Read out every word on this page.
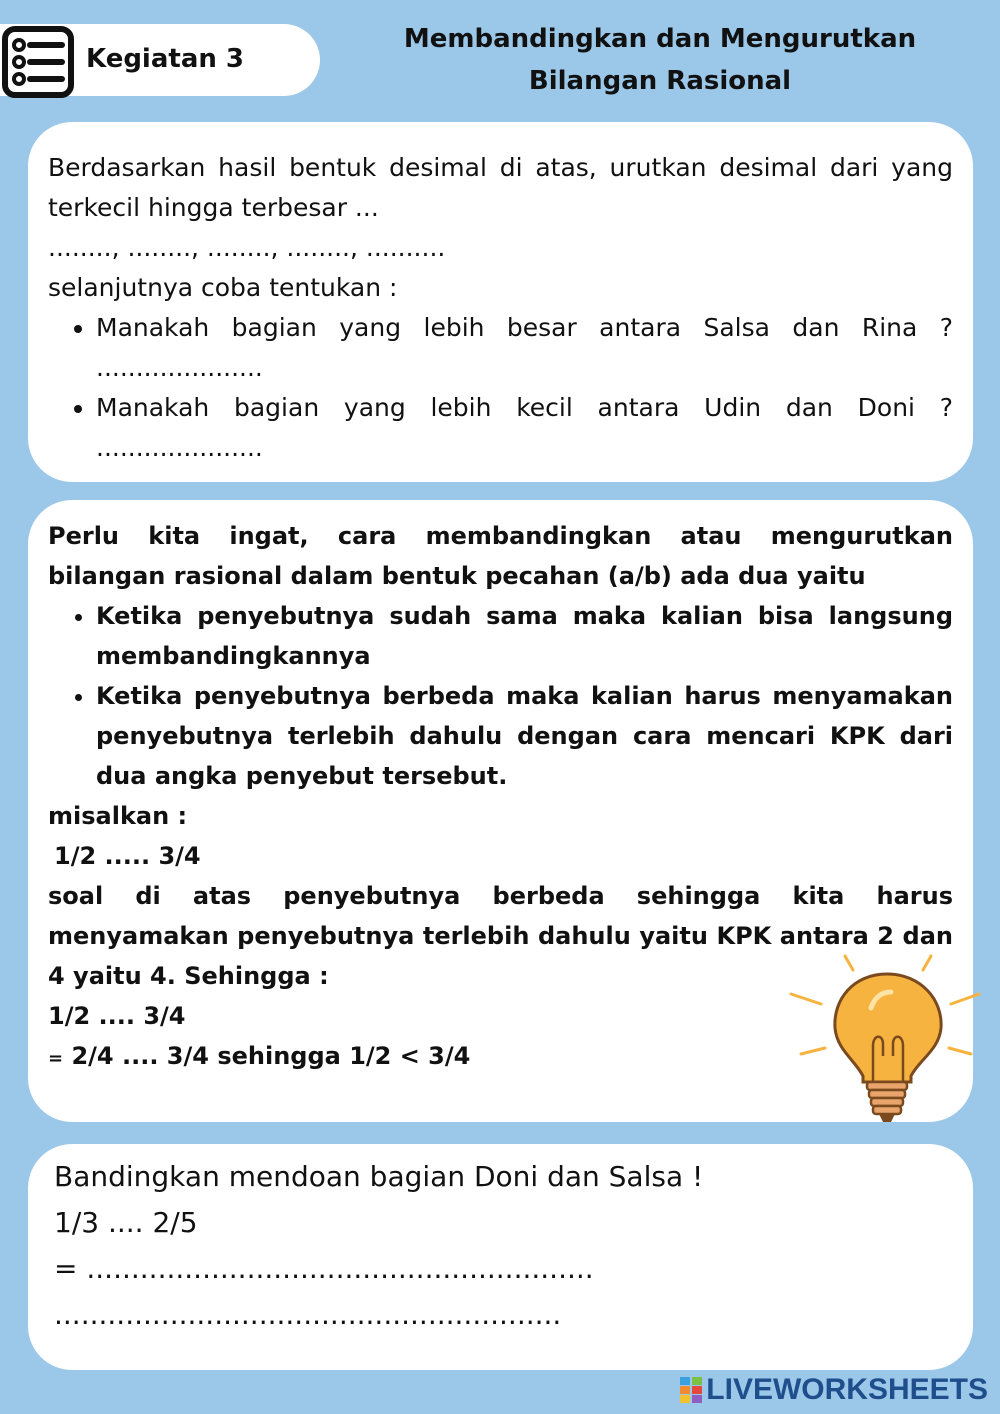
Kegiatan 3
Membandingkan dan Mengurutkan
Bilangan Rasional

Berdasarkan hasil bentuk desimal di atas, urutkan desimal dari yang

terkecil hingga terbesar ...

........, ........, ........, ........, ..........

selanjutnya coba tentukan :

• Manakah bagian yang lebih besar antara Salsa dan Rina ?
.....................
• Manakah bagian yang lebih kecil antara Udin dan Doni ?
.....................

Perlu kita ingat, cara membandingkan atau mengurutkan

bilangan rasional dalam bentuk pecahan (a/b) ada dua yaitu

• Ketika penyebutnya sudah sama maka kalian bisa langsung
membandingkannya
• Ketika penyebutnya berbeda maka kalian harus menyamakan
penyebutnya terlebih dahulu dengan cara mencari KPK dari
dua angka penyebut tersebut.

misalkan :

1/2 ..... 3/4

soal di atas penyebutnya berbeda sehingga kita harus

menyamakan penyebutnya terlebih dahulu yaitu KPK antara 2 dan

4 yaitu 4. Sehingga :

1/2 .... 3/4

= 2/4 .... 3/4 sehingga 1/2 < 3/4

Bandingkan mendoan bagian Doni dan Salsa !

1/3 .... 2/5

= .........................................................

.........................................................

LIVEWORKSHEETS
